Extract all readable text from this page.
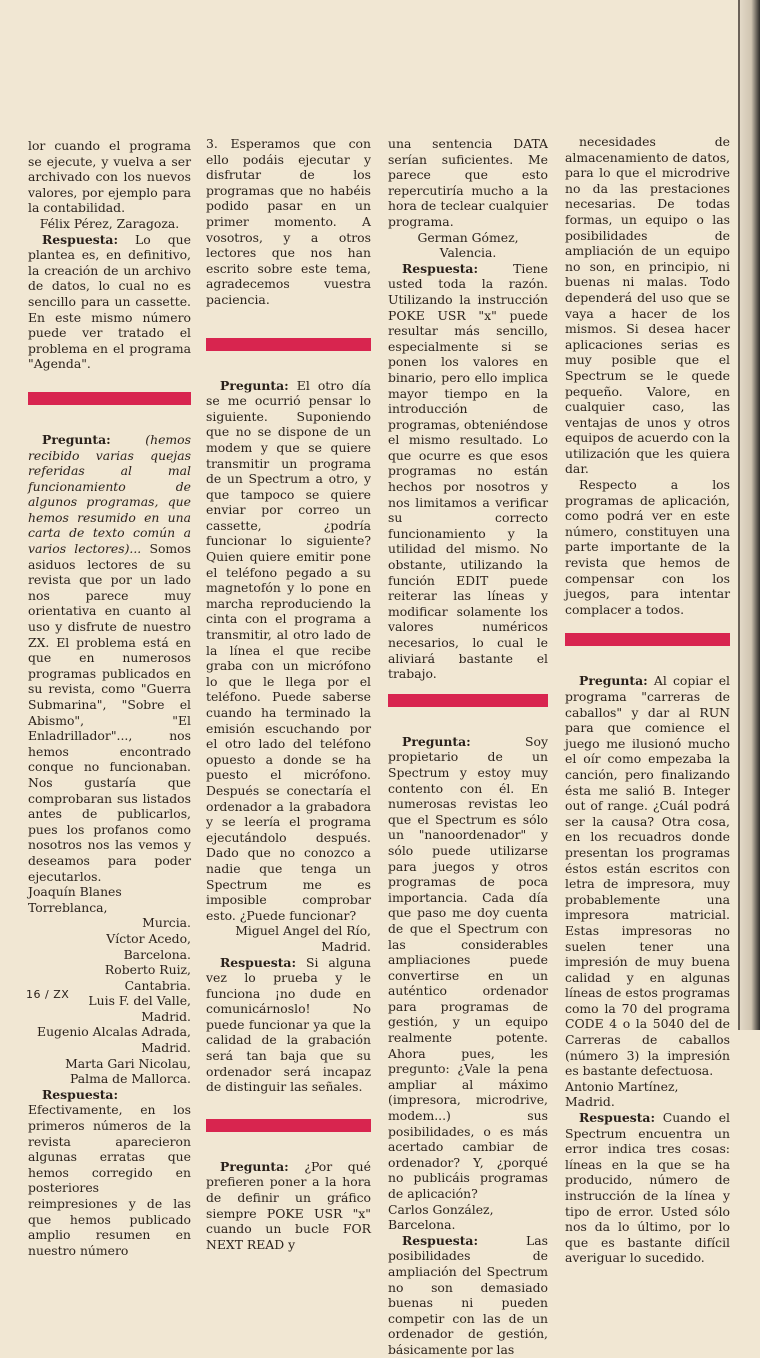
lor cuando el programa se ejecute, y vuelva a ser archivado con los nuevos valores, por ejemplo para la contabilidad.

Félix Pérez, Zaragoza.

Respuesta: Lo que plantea es, en definitivo, la creación de un archivo de datos, lo cual no es sencillo para un cassette. En este mismo número puede ver tratado el problema en el programa "Agenda".

Pregunta: (hemos recibido varias quejas referidas al mal funcionamiento de algunos programas, que hemos resumido en una carta de texto común a varios lectores)... Somos asiduos lectores de su revista que por un lado nos parece muy orientativa en cuanto al uso y disfrute de nuestro ZX. El problema está en que en numerosos programas publicados en su revista, como "Guerra Submarina", "Sobre el Abismo", "El Enladrillador"..., nos hemos encontrado conque no funcionaban. Nos gustaría que comprobaran sus listados antes de publicarlos, pues los profanos como nosotros nos las vemos y deseamos para poder ejecutarlos.

Joaquín Blanes Torreblanca,

Murcia.

Víctor Acedo,

Barcelona.

Roberto Ruiz,

Cantabria.

Luis F. del Valle,

Madrid.

Eugenio Alcalas Adrada,

Madrid.

Marta Gari Nicolau,

Palma de Mallorca.

Respuesta: Efectivamente, en los primeros números de la revista aparecieron algunas erratas que hemos corregido en posteriores reimpresiones y de las que hemos publicado amplio resumen en nuestro número

3. Esperamos que con ello podáis ejecutar y disfrutar de los programas que no habéis podido pasar en un primer momento. A vosotros, y a otros lectores que nos han escrito sobre este tema, agradecemos vuestra paciencia.

Pregunta: El otro día se me ocurrió pensar lo siguiente. Suponiendo que no se dispone de un modem y que se quiere transmitir un programa de un Spectrum a otro, y que tampoco se quiere enviar por correo un cassette, ¿podría funcionar lo siguiente? Quien quiere emitir pone el teléfono pegado a su magnetofón y lo pone en marcha reproduciendo la cinta con el programa a transmitir, al otro lado de la línea el que recibe graba con un micrófono lo que le llega por el teléfono. Puede saberse cuando ha terminado la emisión escuchando por el otro lado del teléfono opuesto a donde se ha puesto el micrófono. Después se conectaría el ordenador a la grabadora y se leería el programa ejecutándolo después. Dado que no conozco a nadie que tenga un Spectrum me es imposible comprobar esto. ¿Puede funcionar?

Miguel Angel del Río,

Madrid.

Respuesta: Si alguna vez lo prueba y le funciona ¡no dude en comunicárnoslo! No puede funcionar ya que la calidad de la grabación será tan baja que su ordenador será incapaz de distinguir las señales.

Pregunta: ¿Por qué prefieren poner a la hora de definir un gráfico siempre POKE USR "x" cuando un bucle FOR NEXT READ y

una sentencia DATA serían suficientes. Me parece que esto repercutiría mucho a la hora de teclear cualquier programa.

German Gómez, Valencia.

Respuesta: Tiene usted toda la razón. Utilizando la instrucción POKE USR "x" puede resultar más sencillo, especialmente si se ponen los valores en binario, pero ello implica mayor tiempo en la introducción de programas, obteniéndose el mismo resultado. Lo que ocurre es que esos programas no están hechos por nosotros y nos limitamos a verificar su correcto funcionamiento y la utilidad del mismo. No obstante, utilizando la función EDIT puede reiterar las líneas y modificar solamente los valores numéricos necesarios, lo cual le aliviará bastante el trabajo.

Pregunta: Soy propietario de un Spectrum y estoy muy contento con él. En numerosas revistas leo que el Spectrum es sólo un "nanoordenador" y sólo puede utilizarse para juegos y otros programas de poca importancia. Cada día que paso me doy cuenta de que el Spectrum con las considerables ampliaciones puede convertirse en un auténtico ordenador para programas de gestión, y un equipo realmente potente. Ahora pues, les pregunto: ¿Vale la pena ampliar al máximo (impresora, microdrive, modem...) sus posibilidades, o es más acertado cambiar de ordenador? Y, ¿porqué no publicáis programas de aplicación?

Carlos González, Barcelona.

Respuesta: Las posibilidades de ampliación del Spectrum no son demasiado buenas ni pueden competir con las de un ordenador de gestión, básicamente por las

necesidades de almacenamiento de datos, para lo que el microdrive no da las prestaciones necesarias. De todas formas, un equipo o las posibilidades de ampliación de un equipo no son, en principio, ni buenas ni malas. Todo dependerá del uso que se vaya a hacer de los mismos. Si desea hacer aplicaciones serias es muy posible que el Spectrum se le quede pequeño. Valore, en cualquier caso, las ventajas de unos y otros equipos de acuerdo con la utilización que les quiera dar.

Respecto a los programas de aplicación, como podrá ver en este número, constituyen una parte importante de la revista que hemos de compensar con los juegos, para intentar complacer a todos.

Pregunta: Al copiar el programa "carreras de caballos" y dar al RUN para que comience el juego me ilusionó mucho el oír como empezaba la canción, pero finalizando ésta me salió B. Integer out of range. ¿Cuál podrá ser la causa? Otra cosa, en los recuadros donde presentan los programas éstos están escritos con letra de impresora, muy probablemente una impresora matricial. Estas impresoras no suelen tener una impresión de muy buena calidad y en algunas líneas de estos programas como la 70 del programa CODE 4 o la 5040 del de Carreras de caballos (número 3) la impresión es bastante defectuosa.

Antonio Martínez, Madrid.

Respuesta: Cuando el Spectrum encuentra un error indica tres cosas: líneas en la que se ha producido, número de instrucción de la línea y tipo de error. Usted sólo nos da lo último, por lo que es bastante difícil averiguar lo sucedido.

16 / ZX
